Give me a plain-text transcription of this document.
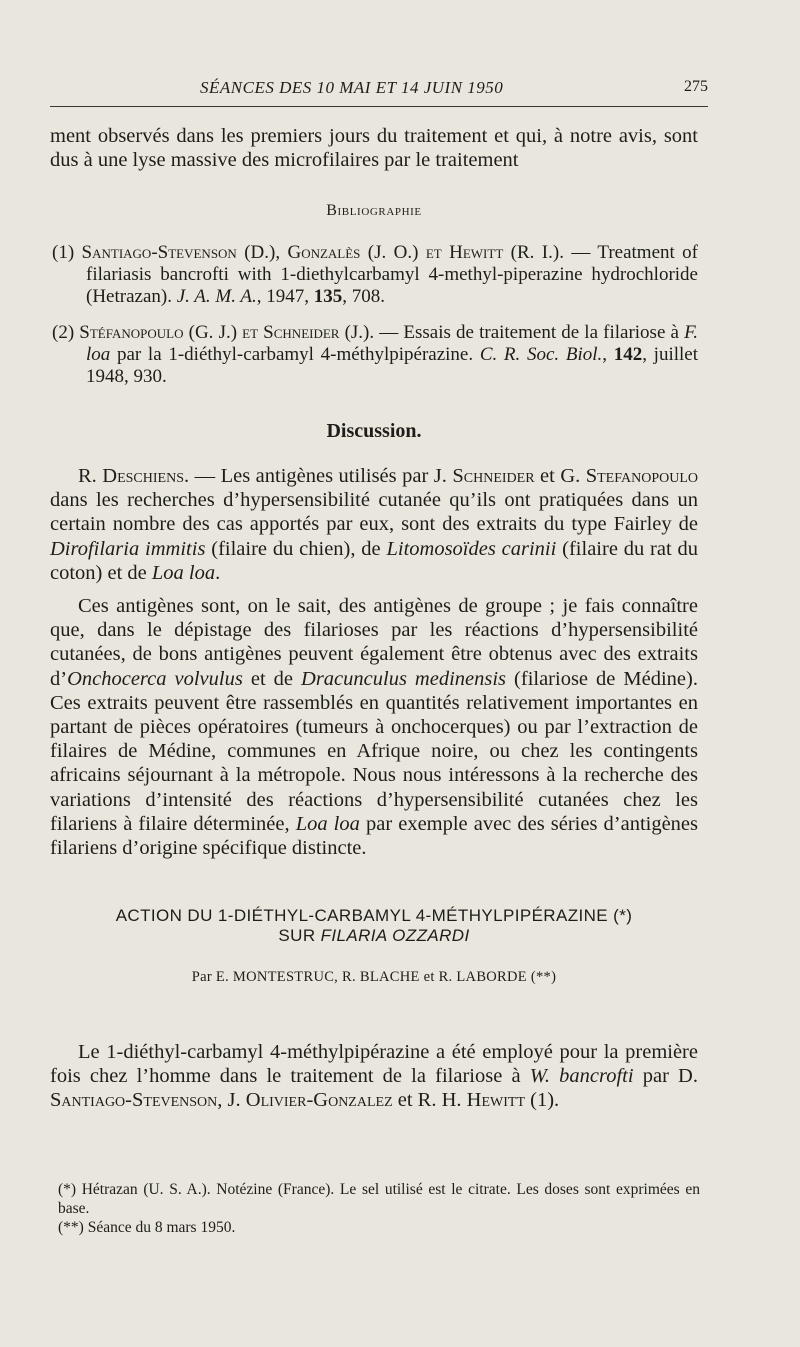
SÉANCES DES 10 MAI ET 14 JUIN 1950	275
ment observés dans les premiers jours du traitement et qui, à notre avis, sont dus à une lyse massive des microfilaires par le traitement
Bibliographie
(1) Santiago-Stevenson (D.), Gonzalès (J. O.) et Hewitt (R. I.). — Treatment of filariasis bancrofti with 1-diethylcarbamyl 4-methyl-piperazine hydrochloride (Hetrazan). J. A. M. A., 1947, 135, 708.
(2) Stéfanopoulo (G. J.) et Schneider (J.). — Essais de traitement de la filariose à F. loa par la 1-diéthyl-carbamyl 4-méthylpipérazine. C. R. Soc. Biol., 142, juillet 1948, 930.
Discussion.
R. Deschiens. — Les antigènes utilisés par J. Schneider et G. Stefanopoulo dans les recherches d’hypersensibilité cutanée qu’ils ont pratiquées dans un certain nombre des cas apportés par eux, sont des extraits du type Fairley de Dirofilaria immitis (filaire du chien), de Litomosoïdes carinii (filaire du rat du coton) et de Loa loa.
Ces antigènes sont, on le sait, des antigènes de groupe ; je fais connaître que, dans le dépistage des filarioses par les réactions d’hypersensibilité cutanées, de bons antigènes peuvent également être obtenus avec des extraits d’Onchocerca volvulus et de Dracunculus medinensis (filariose de Médine). Ces extraits peuvent être rassemblés en quantités relativement importantes en partant de pièces opératoires (tumeurs à onchocerques) ou par l’extraction de filaires de Médine, communes en Afrique noire, ou chez les contingents africains séjournant à la métropole. Nous nous intéressons à la recherche des variations d’intensité des réactions d’hypersensibilité cutanées chez les filariens à filaire déterminée, Loa loa par exemple avec des séries d’antigènes filariens d’origine spécifique distincte.
ACTION DU 1-DIÉTHYL-CARBAMYL 4-MÉTHYLPIPÉRAZINE (*)
SUR FILARIA OZZARDI
Par E. MONTESTRUC, R. BLACHE et R. LABORDE (**)
Le 1-diéthyl-carbamyl 4-méthylpipérazine a été employé pour la première fois chez l’homme dans le traitement de la filariose à W. bancrofti par D. Santiago-Stevenson, J. Olivier-Gonzalez et R. H. Hewitt (1).

(*) Hétrazan (U. S. A.). Notézine (France). Le sel utilisé est le citrate. Les doses sont exprimées en base.

(**) Séance du 8 mars 1950.
